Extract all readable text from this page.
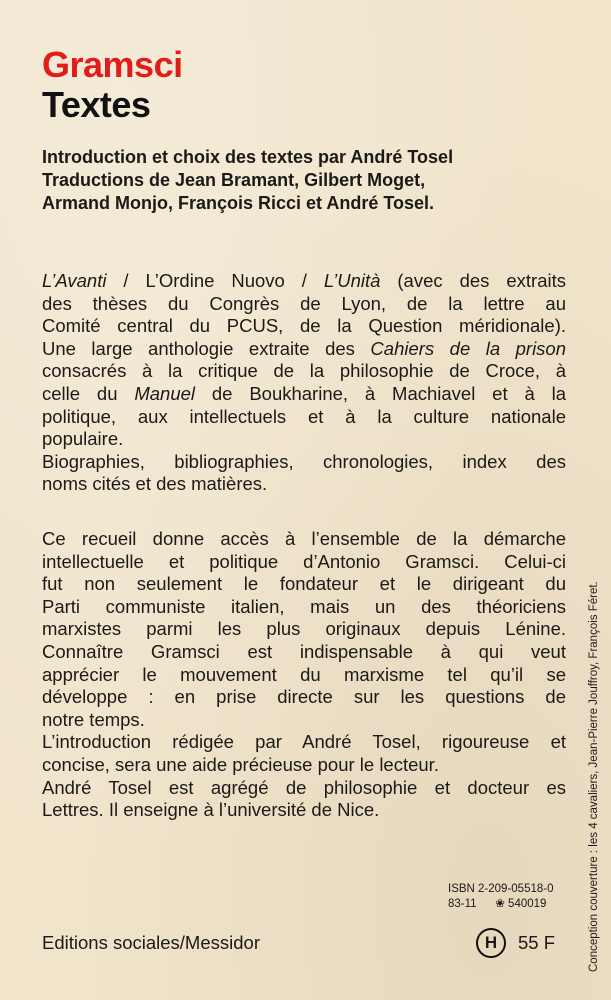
Gramsci
Textes
Introduction et choix des textes par André Tosel
Traductions de Jean Bramant, Gilbert Moget,
Armand Monjo, François Ricci et André Tosel.
L’Avanti / L’Ordine Nuovo / L’Unità (avec des extraits
des thèses du Congrès de Lyon, de la lettre au
Comité central du PCUS, de la Question méridionale).
Une large anthologie extraite des Cahiers de la prison
consacrés à la critique de la philosophie de Croce, à
celle du Manuel de Boukharine, à Machiavel et à la
politique, aux intellectuels et à la culture nationale
populaire.
Biographies, bibliographies, chronologies, index des
noms cités et des matières.
Ce recueil donne accès à l’ensemble de la démarche
intellectuelle et politique d’Antonio Gramsci. Celui-ci
fut non seulement le fondateur et le dirigeant du
Parti communiste italien, mais un des théoriciens
marxistes parmi les plus originaux depuis Lénine.
Connaître Gramsci est indispensable à qui veut
apprécier le mouvement du marxisme tel qu’il se
développe : en prise directe sur les questions de
notre temps.
L’introduction rédigée par André Tosel, rigoureuse et
concise, sera une aide précieuse pour le lecteur.
André Tosel est agrégé de philosophie et docteur es
Lettres. Il enseigne à l’université de Nice.
ISBN 2-209-05518-0
83-11 ❀ 540019
Editions sociales/Messidor	H	55 F	Conception couverture : les 4 cavaliers, Jean-Pierre Jouffroy, François Féret.
